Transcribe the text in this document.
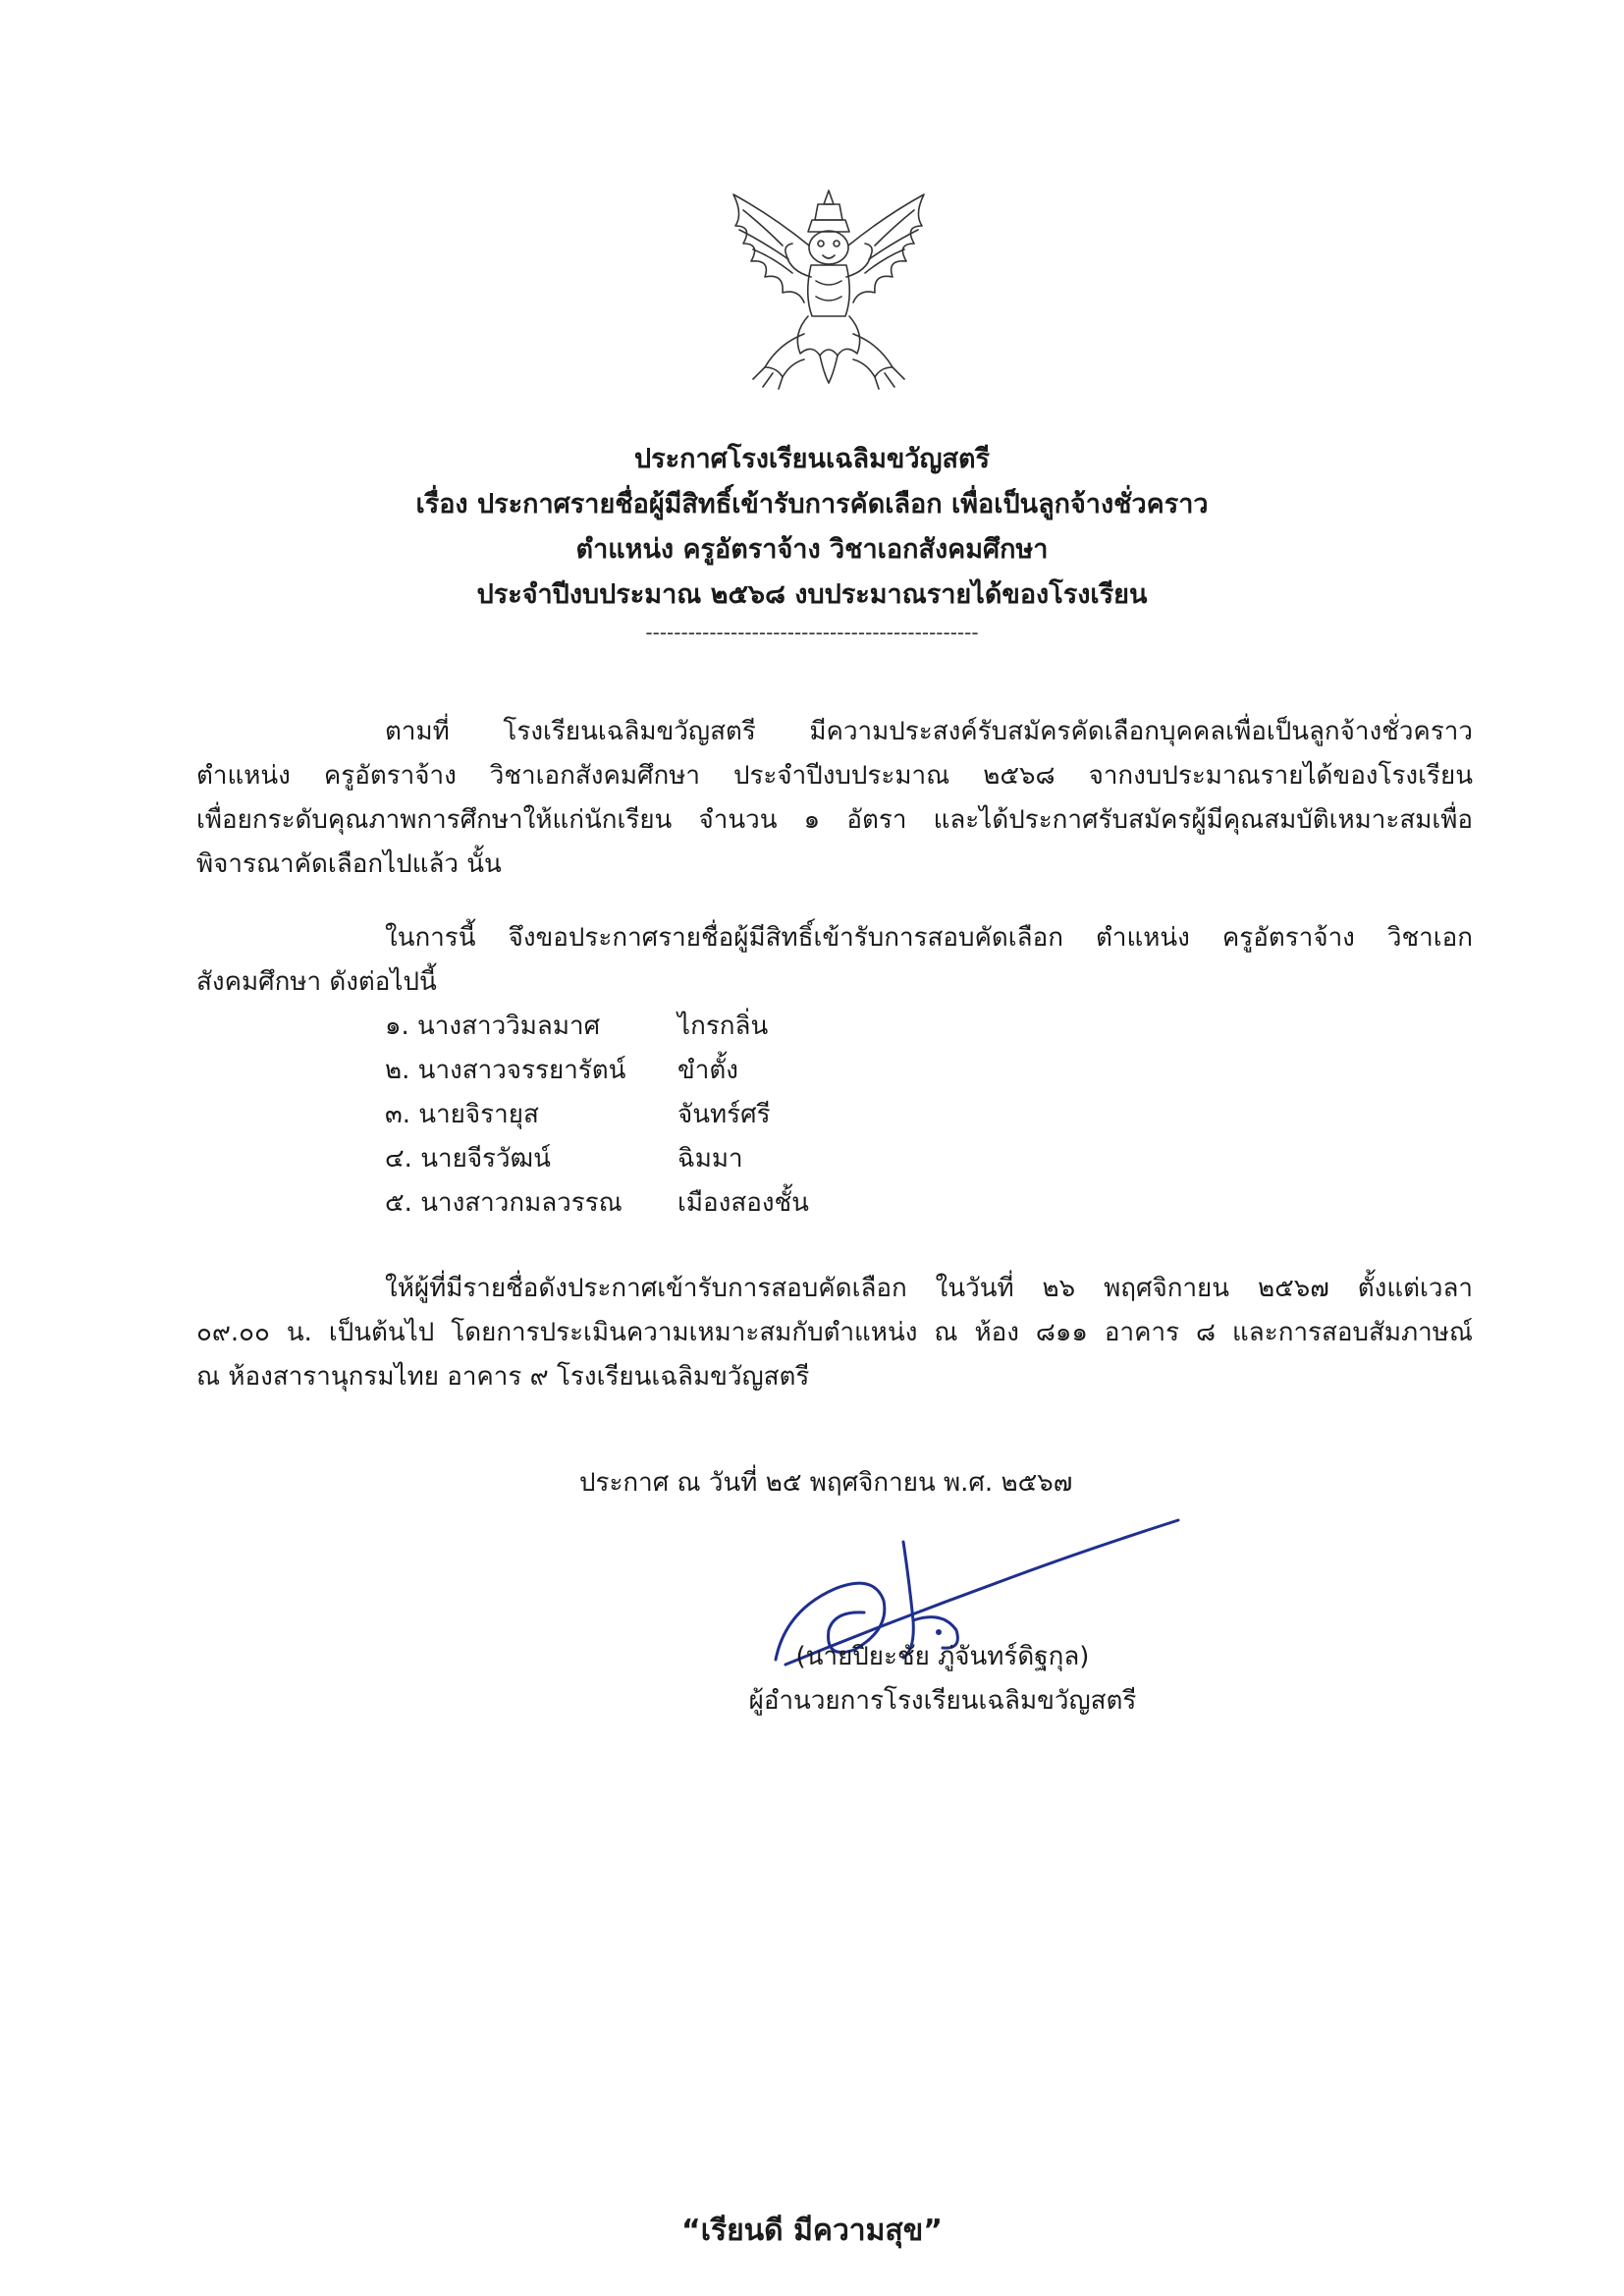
ประกาศโรงเรียนเฉลิมขวัญสตรี
เรื่อง ประกาศรายชื่อผู้มีสิทธิ์เข้ารับการคัดเลือก เพื่อเป็นลูกจ้างชั่วคราว
ตำแหน่ง ครูอัตราจ้าง วิชาเอกสังคมศึกษา
ประจำปีงบประมาณ ๒๕๖๘ งบประมาณรายได้ของโรงเรียน
-----------------------------------------------
ตามที่ โรงเรียนเฉลิมขวัญสตรี มีความประสงค์รับสมัครคัดเลือกบุคคลเพื่อเป็นลูกจ้างชั่วคราว
ตำแหน่ง ครูอัตราจ้าง วิชาเอกสังคมศึกษา ประจำปีงบประมาณ ๒๕๖๘ จากงบประมาณรายได้ของโรงเรียน
เพื่อยกระดับคุณภาพการศึกษาให้แก่นักเรียน จำนวน ๑ อัตรา และได้ประกาศรับสมัครผู้มีคุณสมบัติเหมาะสมเพื่อ
พิจารณาคัดเลือกไปแล้ว นั้น
ในการนี้ จึงขอประกาศรายชื่อผู้มีสิทธิ์เข้ารับการสอบคัดเลือก ตำแหน่ง ครูอัตราจ้าง วิชาเอก
สังคมศึกษา ดังต่อไปนี้
๑. นางสาววิมลมาศ	ไกรกลิ่น
๒. นางสาวจรรยารัตน์ ขำตั้ง
๓. นายจิรายุส	จันทร์ศรี
๔. นายจีรวัฒน์	ฉิมมา
๕. นางสาวกมลวรรณ เมืองสองชั้น
ให้ผู้ที่มีรายชื่อดังประกาศเข้ารับการสอบคัดเลือก ในวันที่ ๒๖ พฤศจิกายน ๒๕๖๗ ตั้งแต่เวลา
๐๙.๐๐ น. เป็นต้นไป โดยการประเมินความเหมาะสมกับตำแหน่ง ณ ห้อง ๘๑๑ อาคาร ๘ และการสอบสัมภาษณ์
ณ ห้องสารานุกรมไทย อาคาร ๙ โรงเรียนเฉลิมขวัญสตรี
ประกาศ ณ วันที่ ๒๕ พฤศจิกายน พ.ศ. ๒๕๖๗
(นายปิยะชัย ภู่จันทร์ดิฐกุล)
ผู้อำนวยการโรงเรียนเฉลิมขวัญสตรี
“เรียนดี มีความสุข”
